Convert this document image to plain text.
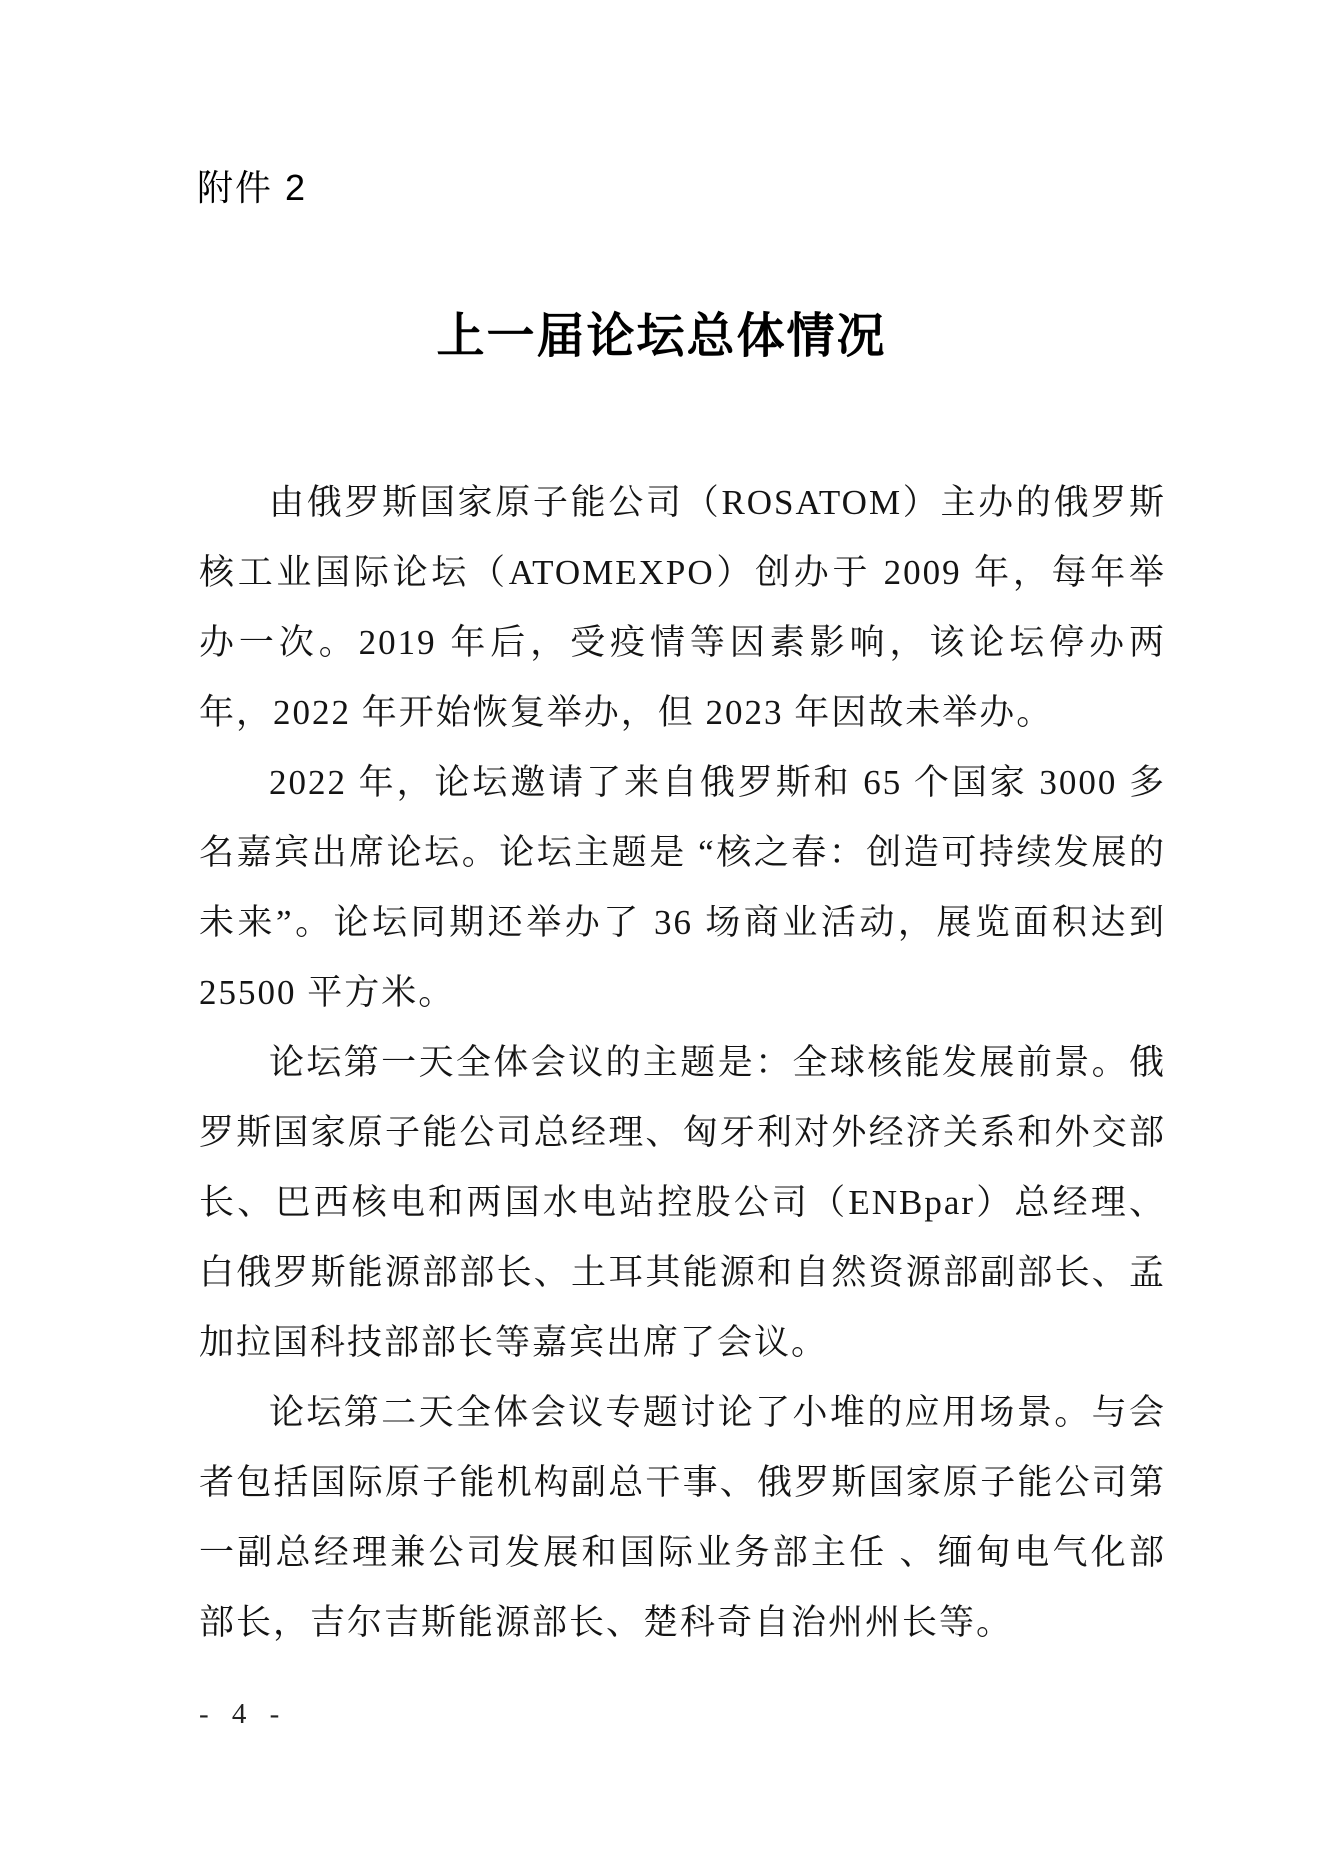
附件 2
上一届论坛总体情况

由俄罗斯国家原子能公司（ROSATOM）主办的俄罗斯核工业国际论坛（ATOMEXPO）创办于 2009 年，每年举办一次。2019 年后，受疫情等因素影响，该论坛停办两年，2022 年开始恢复举办，但 2023 年因故未举办。

2022 年，论坛邀请了来自俄罗斯和 65 个国家 3000 多名嘉宾出席论坛。论坛主题是 “核之春：创造可持续发展的未来”。论坛同期还举办了 36 场商业活动，展览面积达到 25500 平方米。

论坛第一天全体会议的主题是：全球核能发展前景。俄罗斯国家原子能公司总经理、匈牙利对外经济关系和外交部长、巴西核电和两国水电站控股公司（ENBpar）总经理、白俄罗斯能源部部长、土耳其能源和自然资源部副部长、孟加拉国科技部部长等嘉宾出席了会议。

论坛第二天全体会议专题讨论了小堆的应用场景。与会者包括国际原子能机构副总干事、俄罗斯国家原子能公司第一副总经理兼公司发展和国际业务部主任 、缅甸电气化部部长，吉尔吉斯能源部长、楚科奇自治州州长等。

- 4 -
